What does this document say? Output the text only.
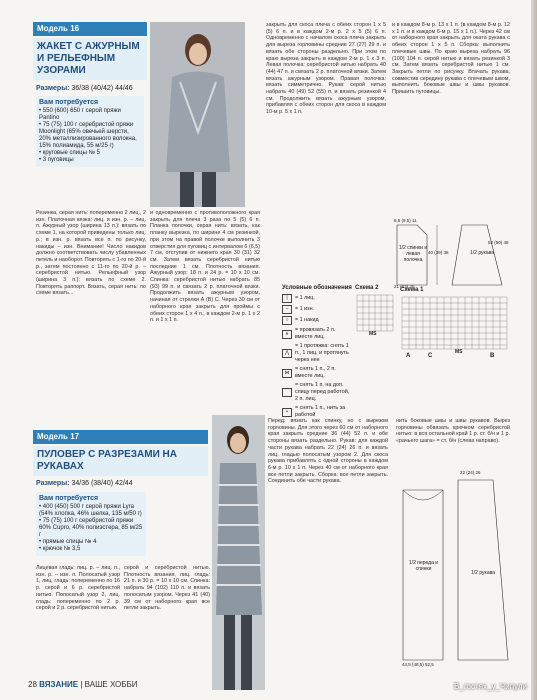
Модель 16
ЖАКЕТ С АЖУРНЫМ И РЕЛЬЕФНЫМ УЗОРАМИ
Размеры: 36/38 (40/42) 44/46
Вам потребуется
• 550 (600) 650 г серой пряжи Pantino
• 75 (75) 100 г серебристой пряжи Moonlight (65% овечьей шерсти, 20% металлизированного волокна, 15% полиамида, 55 м/25 г)
• круговые спицы № 5
• 3 пуговицы
Резинка, серая нить: попеременно 2 лиц., 2 изн. Платочная вязка: лиц. и изн. р. – лиц. п. Ажурный узор (ширина 13 п.): вязать по схеме 1, на которой приведены только лиц. р.; в изн. р. вязать все п. по рисунку, накиды – изн. Внимание! Число накидов должно соответствовать числу убавленных петель и наоборот. Повторять с 1-го по 20-й р., затем постоянно с 11-го по 20-й р. – серебристой нитью. Рельефный узор (ширина 3 п.): вязать по схеме 2. Повторять раппорт. Вязать, серая нить: по схеме вязать...
и одновременно с противоположного края закрыть для плеча 3 раза по 5 (5) 6 п. Планка полочки, серая нить: вязать, как планку вырезка, по ширине 4 см резинкой, при этом на правой полочке выполнить 3 отверстия для пуговиц с интервалом 6 (6,5) 7 см, отступив от нижнего края 30 (31) 32 см. Затем вязать серебристой нитью последние 1 см. Плотность вязания. Ажурный узор: 18 п. и 24 р. = 10 х 10 см. Спинка: серебристой нитью набрать 85 (93) 99 п. и связать 2 р. платочной вязки. Продолжить вязать ажурным узором, начиная от стрелки А (В) С. Через 30 см от наборного края закрыть для проймы с обеих сторон 1 х 4 п., в каждом 2-м р. 1 х 2 п. и 1 х 1 п.
закрыть для скоса плеча с обеих сторон 1 х 5 (5) 6 п. и в каждом 2-м р. 2 х 5 (5) 6 п. Одновременно с началом скоса плеча закрыть для выреза горловины средние 27 (27) 29 п. и вязать обе стороны раздельно. При этом по краю выреза закрыть в каждом 2-м р. 1 х 3 п. Левая полочка: серебристой нитью набрать 40 (44) 47 п. и связать 2 р. платочной вязки. Затем вязать ажурным узором. Правая полочка: вязать симметрично. Рукав: серой нитью набрать 40 (49) 52 (55) п. и вязать резинкой 4 см. Продолжить вязать ажурным узором, прибавляя с обеих сторон для скоса в каждом 10-м р. 5 х 1 п.
и в каждом 8-м р. 13 х 1 п. (в каждом 8-м р. 12 х 1 п. и в каждом 6-м р. 15 х 1 п.). Через 42 см от наборного края закрыть для оката рукава с обеих сторон 1 х 5 п. Сборка: выполнить плечевые швы. По краю выреза набрать 96 (100) 104 п. серой нитью и вязать резинкой 3 см. Затем вязать серебристой нитью 1 см. Закрыть петли по рисунку. Втачать рукава, совместив середину рукава с плечевым швом, выполнить боковые швы и швы рукавов. Пришить пуговицы.
1/2 спинки и левая полочка
1/2 рукава
21 (23) 25
8,5 (9,5) 11
40 (39) 38
52 (50) 48
Условные обозначения
|	= 1 лиц.
–	= 1 изн.
○	= 1 накид
∧
= провязать 2 п. вместе лиц.
⋀
= 1 протяжка: снять 1 п., 1 лиц. и протянуть через нее
⋈
= снять 1 п., 2 п. вместе лиц.
⌒
= снять 1 п. на доп. спицу перед работой, 2 п. лиц.
•
= снять 1 п., нить за работой
Схема 2
MS
Схема 1
A	B
C
MS
Модель 17
ПУЛОВЕР С РАЗРЕЗАМИ НА РУКАВАХ
Размеры: 34/36 (38/40) 42/44
Вам потребуется
• 400 (450) 500 г серой пряжи Lyra (54% хлопка, 46% шелка, 135 м/50 г)
• 75 (75) 100 г серебристой пряжи 60% Cupro, 40% полиэстера, 85 м/25 г
• прямые спицы № 4
• крючок № 3,5
Лицевая гладь: лиц. р. – лиц. п., изн. р. – изн. п. Полосатый узор 1, лиц. гладь: попеременно по 16 р. серой и 6 р. серебристой нитью. Полосатый узор 2, лиц. гладь: попеременно по 2 р. серой и 2 р. серебристой нитью.
серой и серебристой нитью. Плотность вязания, лиц. гладь: 21 п. и 30 р. = 10 х 10 см. Спинка: набрать 94 (102) 110 п. и вязать полосатым узором. Через 41 (40) 39 см от наборного края все петли закрыть.
Перед: вязать как спинку, но с вырезом горловины. Для этого через 60 см от наборного края закрыть средние 36 (44) 52 п. и обе стороны вязать раздельно. Рукав: для каждой части рукава набрать 22 (24) 26 п. и вязать лиц. гладью полосатым узором 2. Для скоса рукава прибавлять с одной стороны в каждом 6-м р. 10 х 1 п. Через 40 см от наборного края все петли закрыть. Сборка: все петли закрыть. Соединить обе части рукава.
нить боковые швы и швы рукавов. Вырез горловины обвязать крючком серебристой нитью: в вся остальной край 1 р. ст. б/н и 1 р. «рачьего шага» = ст. б/н (слева направо).
1/2 переда и спинки
1/2 рукава
22 (24) 26
44,5 (48,5) 52,5
28 ВЯЗАНИЕ | ВАШЕ ХОББИ	В_гостях_у_Чипули
